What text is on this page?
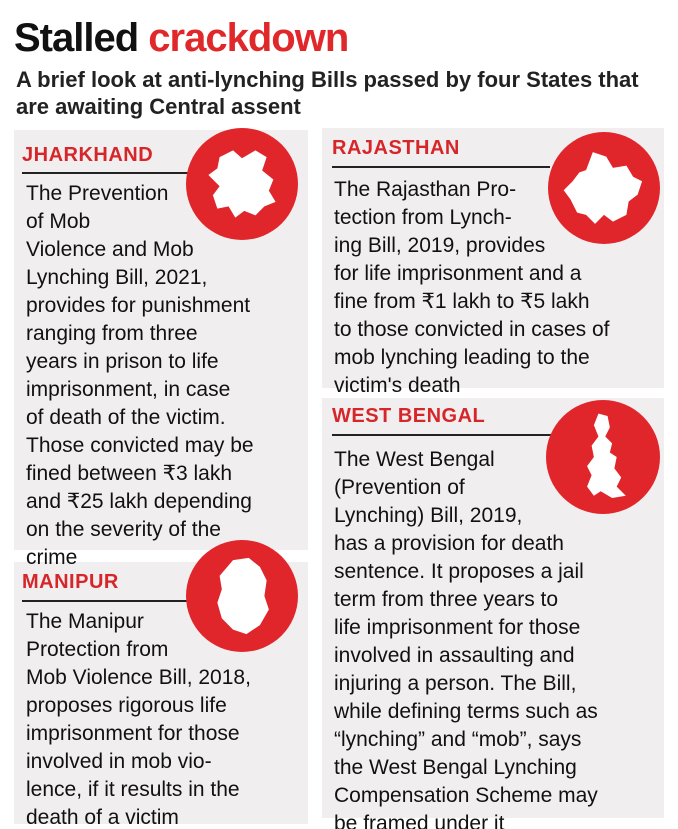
Stalled crackdown
A brief look at anti-lynching Bills passed by four States that are awaiting Central assent
JHARKHAND
The Prevention
of Mob
Violence and Mob
Lynching Bill, 2021,
provides for punishment
ranging from three
years in prison to life
imprisonment, in case
of death of the victim.
Those convicted may be
fined between ₹3 lakh
and ₹25 lakh depending
on the severity of the
crime
RAJASTHAN
The Rajasthan Pro-
tection from Lynch-
ing Bill, 2019, provides
for life imprisonment and a
fine from ₹1 lakh to ₹5 lakh
to those convicted in cases of
mob lynching leading to the
victim's death
WEST BENGAL
The West Bengal
(Prevention of
Lynching) Bill, 2019,
has a provision for death
sentence. It proposes a jail
term from three years to
life imprisonment for those
involved in assaulting and
injuring a person. The Bill,
while defining terms such as
“lynching” and “mob”, says
the West Bengal Lynching
Compensation Scheme may
be framed under it
MANIPUR
The Manipur
Protection from
Mob Violence Bill, 2018,
proposes rigorous life
imprisonment for those
involved in mob vio-
lence, if it results in the
death of a victim
